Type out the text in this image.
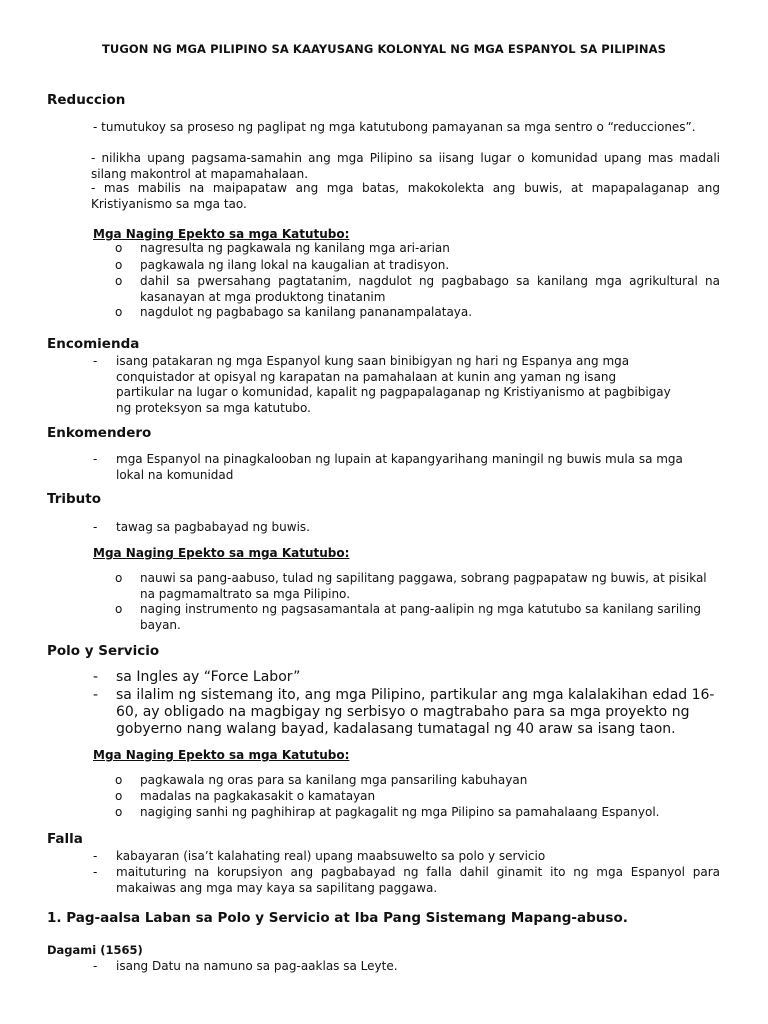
TUGON NG MGA PILIPINO SA KAAYUSANG KOLONYAL NG MGA ESPANYOL SA PILIPINAS
Reduccion
- tumutukoy sa proseso ng paglipat ng mga katutubong pamayanan sa mga sentro o “reducciones”.
- nilikha upang pagsama-samahin ang mga Pilipino sa iisang lugar o komunidad upang mas madali silang makontrol at mapamahalaan.
- mas mabilis na maipapataw ang mga batas, makokolekta ang buwis, at mapapalaganap ang Kristiyanismo sa mga tao.
Mga Naging Epekto sa mga Katutubo:
o nagresulta ng pagkawala ng kanilang mga ari-arian
o pagkawala ng ilang lokal na kaugalian at tradisyon.
o dahil sa pwersahang pagtatanim, nagdulot ng pagbabago sa kanilang mga agrikultural na kasanayan at mga produktong tinatanim
o nagdulot ng pagbabago sa kanilang pananampalataya.
Encomienda
- isang patakaran ng mga Espanyol kung saan binibigyan ng hari ng Espanya ang mga conquistador at opisyal ng karapatan na pamahalaan at kunin ang yaman ng isang partikular na lugar o komunidad, kapalit ng pagpapalaganap ng Kristiyanismo at pagbibigay ng proteksyon sa mga katutubo.
Enkomendero
- mga Espanyol na pinagkalooban ng lupain at kapangyarihang maningil ng buwis mula sa mga lokal na komunidad
Tributo
- tawag sa pagbabayad ng buwis.
Mga Naging Epekto sa mga Katutubo:
o nauwi sa pang-aabuso, tulad ng sapilitang paggawa, sobrang pagpapataw ng buwis, at pisikal na pagmamaltrato sa mga Pilipino.
o naging instrumento ng pagsasamantala at pang-aalipin ng mga katutubo sa kanilang sariling bayan.
Polo y Servicio
- sa Ingles ay “Force Labor”
- sa ilalim ng sistemang ito, ang mga Pilipino, partikular ang mga kalalakihan edad 16-60, ay obligado na magbigay ng serbisyo o magtrabaho para sa mga proyekto ng gobyerno nang walang bayad, kadalasang tumatagal ng 40 araw sa isang taon.
Mga Naging Epekto sa mga Katutubo:
o pagkawala ng oras para sa kanilang mga pansariling kabuhayan
o madalas na pagkakasakit o kamatayan
o nagiging sanhi ng paghihirap at pagkagalit ng mga Pilipino sa pamahalaang Espanyol.
Falla
- kabayaran (isa’t kalahating real) upang maabsuwelto sa polo y servicio
- maituturing na korupsiyon ang pagbabayad ng falla dahil ginamit ito ng mga Espanyol para makaiwas ang mga may kaya sa sapilitang paggawa.
1. Pag-aalsa Laban sa Polo y Servicio at Iba Pang Sistemang Mapang-abuso.
Dagami (1565)
- isang Datu na namuno sa pag-aaklas sa Leyte.
